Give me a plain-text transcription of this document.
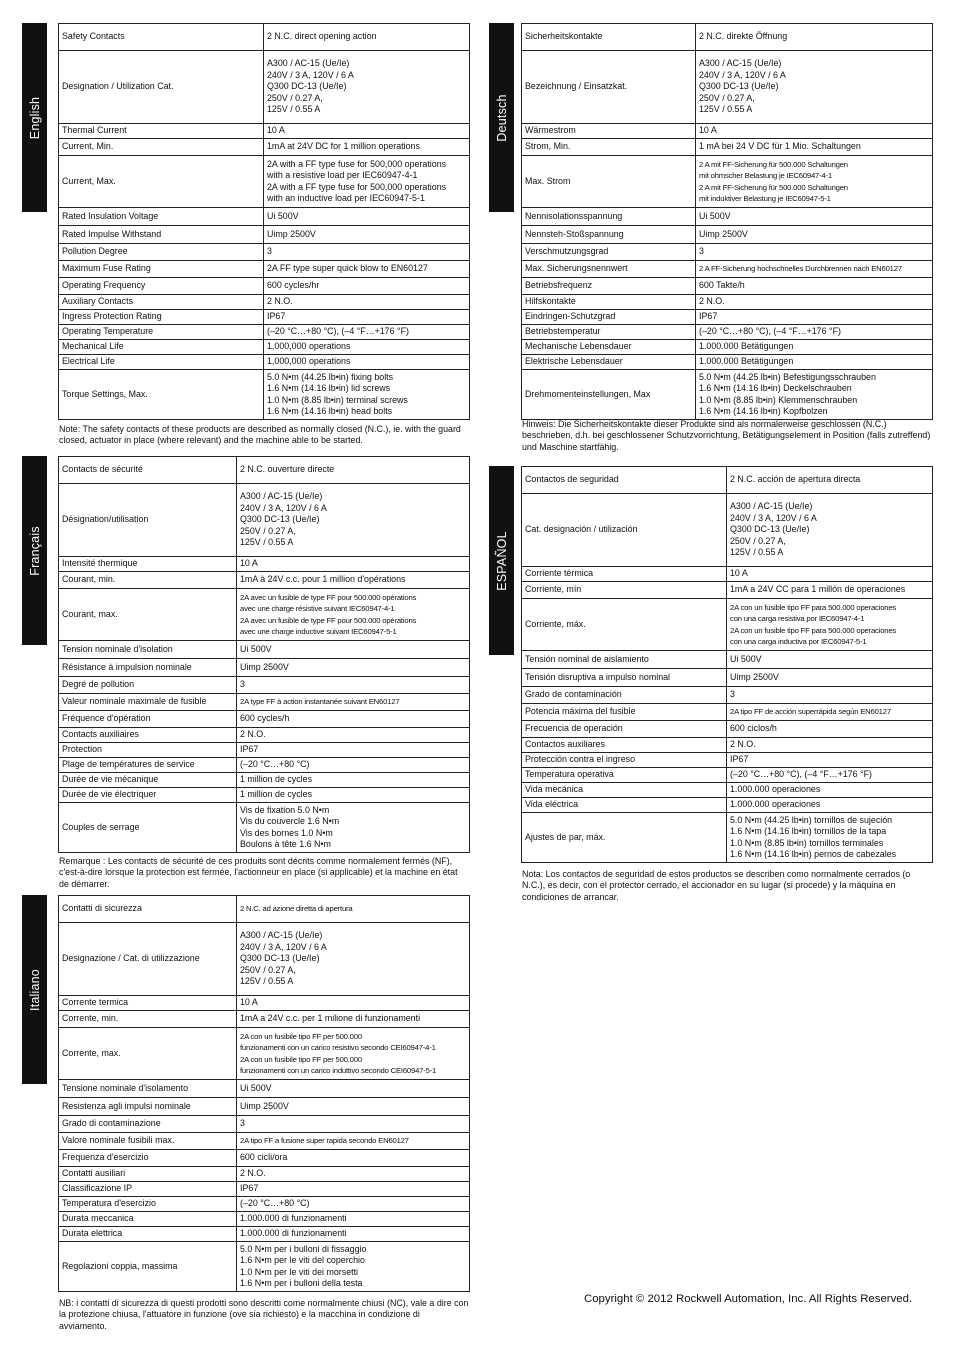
English
Safety Contacts	2 N.C. direct opening action
Designation / Utilization Cat.	A300 / AC-15 (Ue/Ie)
240V / 3 A, 120V / 6 A
Q300 DC-13 (Ue/Ie)
250V / 0.27 A,
125V / 0.55 A
Thermal Current	10 A
Current, Min.	1mA at 24V DC for 1 million operations
Current, Max.	2A with a FF type fuse for 500,000 operations
with a resistive load per IEC60947-4-1
2A with a FF type fuse for 500,000 operations
with an inductive load per IEC60947-5-1
Rated Insulation Voltage	Ui 500V
Rated Impulse Withstand	Uimp 2500V
Pollution Degree	3
Maximum Fuse Rating	2A FF type super quick blow to EN60127
Operating Frequency	600 cycles/hr
Auxiliary Contacts	2 N.O.
Ingress Protection Rating	IP67
Operating Temperature	(–20 °C…+80 °C), (–4 °F…+176 °F)
Mechanical Life	1,000,000 operations
Electrical Life	1,000,000 operations
Torque Settings, Max.	5.0 N•m (44.25 lb•in) fixing bolts
1.6 N•m (14.16 lb•in) lid screws
1.0 N•m (8.85 lb•in) terminal screws
1.6 N•m (14.16 lb•in) head bolts

Note: The safety contacts of these products are described as normally closed (N.C.), ie. with the guard closed, actuator in place (where relevant) and the machine able to be started.

Deutsch
Sicherheitskontakte	2 N.C. direkte Öffnung
Bezeichnung / Einsatzkat.	A300 / AC-15 (Ue/Ie)
240V / 3 A, 120V / 6 A
Q300 DC-13 (Ue/Ie)
250V / 0.27 A,
125V / 0.55 A
Wärmestrom	10 A
Strom, Min.	1 mA bei 24 V DC für 1 Mio. Schaltungen
Max. Strom	2 A mit FF-Sicherung für 500.000 Schaltungen
mit ohmscher Belastung je IEC60947-4-1
2 A mit FF-Sicherung für 500.000 Schaltungen
mit induktiver Belastung je IEC60947-5-1
Nennisolationsspannung	Ui 500V
Nennsteh-Stoßspannung	Uimp 2500V
Verschmutzungsgrad	3
Max. Sicherungsnennwert	2 A FF-Sicherung hochschnelles Durchbrennen nach EN60127
Betriebsfrequenz	600 Takte/h
Hilfskontakte	2 N.O.
Eindringen-Schutzgrad	IP67
Betriebstemperatur	(–20 °C…+80 °C), (–4 °F…+176 °F)
Mechanische Lebensdauer	1.000.000 Betätigungen
Elektrische Lebensdauer	1.000.000 Betätigungen
Drehmomenteinstellungen, Max	5.0 N•m (44.25 lb•in) Befestigungsschrauben
1.6 N•m (14.16 lb•in) Deckelschrauben
1.0 N•m (8.85 lb•in) Klemmenschrauben
1.6 N•m (14.16 lb•in) Kopfbolzen

Hinweis: Die Sicherheitskontakte dieser Produkte sind als normalerweise geschlossen (N.C.) beschrieben, d.h. bei geschlossener Schutzvorrichtung, Betätigungselement in Position (falls zutreffend) und Maschine startfähig.

Français
Contacts de sécurité	2 N.C. ouverture directe
Désignation/utilisation	A300 / AC-15 (Ue/Ie)
240V / 3 A, 120V / 6 A
Q300 DC-13 (Ue/Ie)
250V / 0.27 A,
125V / 0.55 A
Intensité thermique	10 A
Courant, min.	1mA à 24V c.c. pour 1 million d'opérations
Courant, max.	2A avec un fusible de type FF pour 500.000 opérations
avec une charge résistive suivant IEC60947-4-1
2A avec un fusible de type FF pour 500.000 opérations
avec une charge inductive suivant IEC60947-5-1
Tension nominale d'isolation	Ui 500V
Résistance à impulsion nominale	Uimp 2500V
Degré de pollution	3
Valeur nominale maximale de fusible	2A type FF à action instantanée suivant EN60127
Fréquence d'opération	600 cycles/h
Contacts auxiliaires	2 N.O.
Protection	IP67
Plage de températures de service	(–20 °C…+80 °C)
Durée de vie mécanique	1 million de cycles
Durée de vie électriquer	1 million de cycles
Couples de serrage	Vis de fixation 5.0 N•m
Vis du couvercle 1.6 N•m
Vis des bornes 1.0 N•m
Boulons à tête 1.6 N•m

Remarque : Les contacts de sécurité de ces produits sont décrits comme normalement fermés (NF), c'est-à-dire lorsque la protection est fermée, l'actionneur en place (si applicable) et la machine en état de démarrer.

ESPAÑOL
Contactos de seguridad	2 N.C. acción de apertura directa
Cat. designación / utilización	A300 / AC-15 (Ue/Ie)
240V / 3 A, 120V / 6 A
Q300 DC-13 (Ue/Ie)
250V / 0.27 A,
125V / 0.55 A
Corriente térmica	10 A
Corriente, mín	1mA a 24V CC para 1 millón de operaciones
Corriente, máx.	2A con un fusible tipo FF para 500.000 operaciones
con una carga resistiva por IEC60947-4-1
2A con un fusible tipo FF para 500.000 operaciones
con una carga inductiva por IEC60947-5-1
Tensión nominal de aislamiento	Ui 500V
Tensión disruptiva a impulso nominal	Uimp 2500V
Grado de contaminación	3
Potencia máxima del fusible	2A tipo FF de acción superrápida según EN60127
Frecuencia de operación	600 ciclos/h
Contactos auxiliares	2 N.O.
Protección contra el ingreso	IP67
Temperatura operativa	(–20 °C…+80 °C), (–4 °F…+176 °F)
Vida mecánica	1.000.000 operaciones
Vida eléctrica	1.000.000 operaciones
Ajustes de par, máx.	5.0 N•m (44.25 lb•in) tornillos de sujeción
1.6 N•m (14.16 lb•in) tornillos de la tapa
1.0 N•m (8.85 lb•in) tornillos terminales
1.6 N•m (14.16 lb•in) pernos de cabezales

Nota: Los contactos de seguridad de estos productos se describen como normalmente cerrados (o N.C.), es decir, con el protector cerrado, el accionador en su lugar (si procede) y la máquina en condiciones de arrancar.

Italiano
Contatti di sicurezza	2 N.C. ad azione diretta di apertura
Designazione / Cat. di utilizzazione	A300 / AC-15 (Ue/Ie)
240V / 3 A, 120V / 6 A
Q300 DC-13 (Ue/Ie)
250V / 0.27 A,
125V / 0.55 A
Corrente termica	10 A
Corrente, min.	1mA a 24V c.c. per 1 milione di funzionamenti
Corrente, max.	2A con un fusibile tipo FF per 500.000
funzionamenti con un carico resistivo secondo CEI60947-4-1
2A con un fusibile tipo FF per 500.000
funzionamenti con un carico induttivo secondo CEI60947-5-1
Tensione nominale d'isolamento	Ui 500V
Resistenza agli impulsi nominale	Uimp 2500V
Grado di contaminazione	3
Valore nominale fusibili max.	2A tipo FF a fusione super rapida secondo EN60127
Frequenza d'esercizio	600 cicli/ora
Contatti ausiliari	2 N.O.
Classificazione IP	IP67
Temperatura d'esercizio	(–20 °C…+80 °C)
Durata meccanica	1.000.000 di funzionamenti
Durata elettrica	1.000.000 di funzionamenti
Regolazioni coppia, massima	5.0 N•m per i bulloni di fissaggio
1.6 N•m per le viti del coperchio
1.0 N•m per le viti dei morsetti
1.6 N•m per i bulloni della testa

NB: i contatti di sicurezza di questi prodotti sono descritti come normalmente chiusi (NC), vale a dire con la protezione chiusa, l'attuatore in funzione (ove sia richiesto) e la macchina in condizione di avviamento.

Copyright © 2012 Rockwell Automation, Inc. All Rights Reserved.
